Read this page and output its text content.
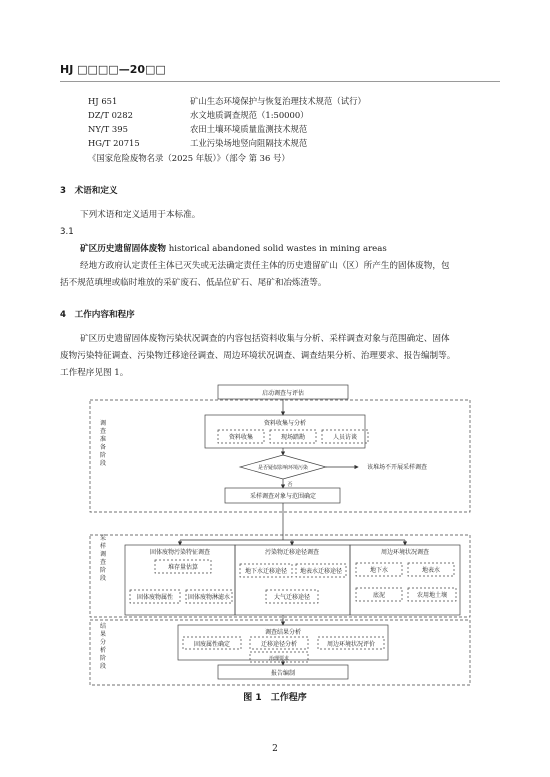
HJ □□□□—20□□
HJ 651	矿山生态环境保护与恢复治理技术规范（试行）
DZ/T 0282	水文地质调查规范（1:50000）
NY/T 395	农田土壤环境质量监测技术规范
HG/T 20715	工业污染场地竖向阻隔技术规范
《国家危险废物名录（2025 年版）》（部令 第 36 号）
3　术语和定义
下列术语和定义适用于本标准。
3.1
矿区历史遗留固体废物 historical abandoned solid wastes in mining areas
经地方政府认定责任主体已灭失或无法确定责任主体的历史遗留矿山（区）所产生的固体废物，包
括不规范填埋或临时堆放的采矿废石、低品位矿石、尾矿和冶炼渣等。
4　工作内容和程序
矿区历史遗留固体废物污染状况调查的内容包括资料收集与分析、采样调查对象与范围确定、固体
废物污染特征调查、污染物迁移途径调查、周边环境状况调查、调查结果分析、治理要求、报告编制等。
工作程序见图 1。
启动调查与评估
资料收集与分析
资料收集	现场踏勘	人员访谈
是否疑似影响环境污染	该堆场不开展采样调查
否
采样调查对象与范围确定
固体废物污染特征调查
堆存量估算
固体废物属性 固体废物淋滤水
污染物迁移途径调查
地下水迁移途径 地表水迁移途径
大气迁移途径
周边环境状况调查
地下水	地表水
底泥	农用地土壤
调查结果分析
固废属性确定	迁移途径分析	周边环境状况评价
治理要求
报告编制
调查准备阶段
采样调查阶段
结果分析阶段
图 1　工作程序
2
